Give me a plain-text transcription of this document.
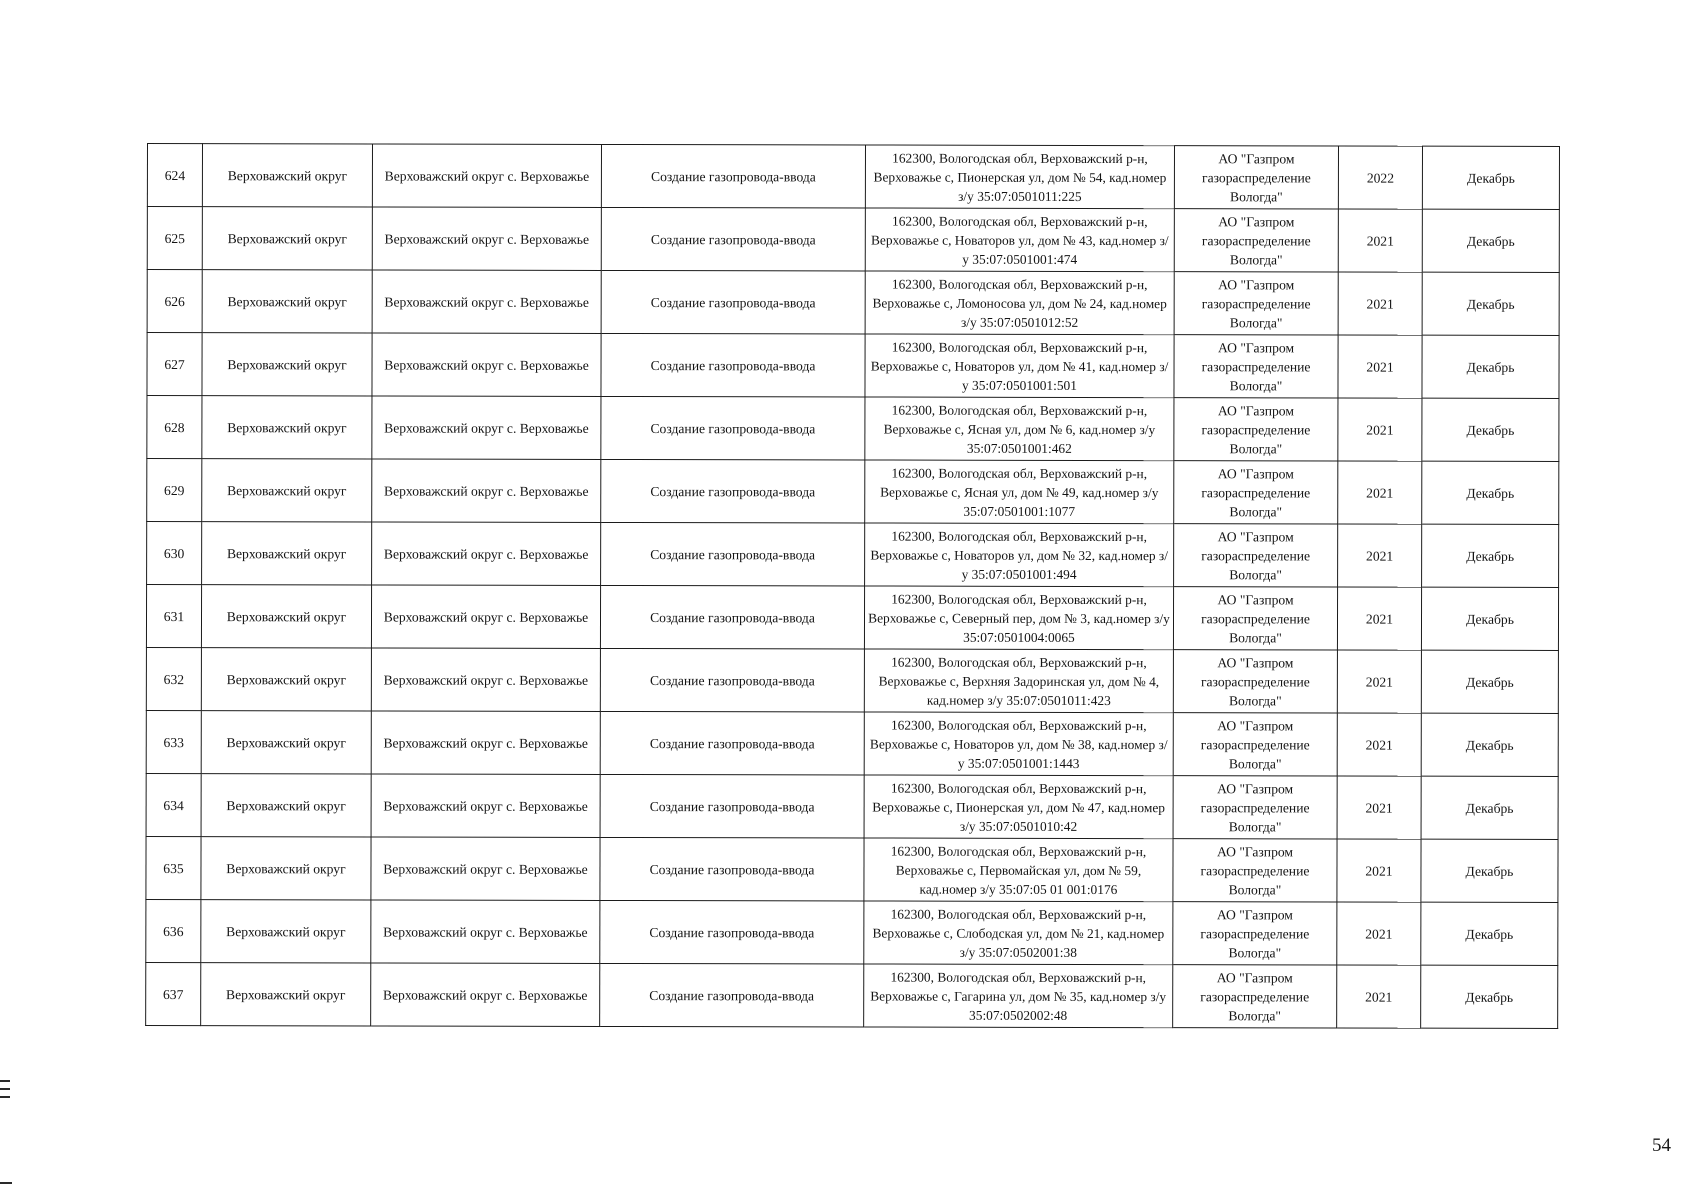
624	Верховажский округ	Верховажский округ с. Верховажье	Создание газопровода-ввода	162300, Вологодская обл, Верховажский р-н, Верховажье с, Пионерская ул, дом № 54, кад.номер з/у 35:07:0501011:225	АО "Газпром газораспределение Вологда"	2022	Декабрь
625	Верховажский округ	Верховажский округ с. Верховажье	Создание газопровода-ввода	162300, Вологодская обл, Верховажский р-н, Верховажье с, Новаторов ул, дом № 43, кад.номер з/у 35:07:0501001:474	АО "Газпром газораспределение Вологда"	2021	Декабрь
626	Верховажский округ	Верховажский округ с. Верховажье	Создание газопровода-ввода	162300, Вологодская обл, Верховажский р-н, Верховажье с, Ломоносова ул, дом № 24, кад.номер з/у 35:07:0501012:52	АО "Газпром газораспределение Вологда"	2021	Декабрь
627	Верховажский округ	Верховажский округ с. Верховажье	Создание газопровода-ввода	162300, Вологодская обл, Верховажский р-н, Верховажье с, Новаторов ул, дом № 41, кад.номер з/у 35:07:0501001:501	АО "Газпром газораспределение Вологда"	2021	Декабрь
628	Верховажский округ	Верховажский округ с. Верховажье	Создание газопровода-ввода	162300, Вологодская обл, Верховажский р-н, Верховажье с, Ясная ул, дом № 6, кад.номер з/у 35:07:0501001:462	АО "Газпром газораспределение Вологда"	2021	Декабрь
629	Верховажский округ	Верховажский округ с. Верховажье	Создание газопровода-ввода	162300, Вологодская обл, Верховажский р-н, Верховажье с, Ясная ул, дом № 49, кад.номер з/у 35:07:0501001:1077	АО "Газпром газораспределение Вологда"	2021	Декабрь
630	Верховажский округ	Верховажский округ с. Верховажье	Создание газопровода-ввода	162300, Вологодская обл, Верховажский р-н, Верховажье с, Новаторов ул, дом № 32, кад.номер з/у 35:07:0501001:494	АО "Газпром газораспределение Вологда"	2021	Декабрь
631	Верховажский округ	Верховажский округ с. Верховажье	Создание газопровода-ввода	162300, Вологодская обл, Верховажский р-н, Верховажье с, Северный пер, дом № 3, кад.номер з/у 35:07:0501004:0065	АО "Газпром газораспределение Вологда"	2021	Декабрь
632	Верховажский округ	Верховажский округ с. Верховажье	Создание газопровода-ввода	162300, Вологодская обл, Верховажский р-н, Верховажье с, Верхняя Задоринская ул, дом № 4, кад.номер з/у 35:07:0501011:423	АО "Газпром газораспределение Вологда"	2021	Декабрь
633	Верховажский округ	Верховажский округ с. Верховажье	Создание газопровода-ввода	162300, Вологодская обл, Верховажский р-н, Верховажье с, Новаторов ул, дом № 38, кад.номер з/у 35:07:0501001:1443	АО "Газпром газораспределение Вологда"	2021	Декабрь
634	Верховажский округ	Верховажский округ с. Верховажье	Создание газопровода-ввода	162300, Вологодская обл, Верховажский р-н, Верховажье с, Пионерская ул, дом № 47, кад.номер з/у 35:07:0501010:42	АО "Газпром газораспределение Вологда"	2021	Декабрь
635	Верховажский округ	Верховажский округ с. Верховажье	Создание газопровода-ввода	162300, Вологодская обл, Верховажский р-н, Верховажье с, Первомайская ул, дом № 59, кад.номер з/у 35:07:05 01 001:0176	АО "Газпром газораспределение Вологда"	2021	Декабрь
636	Верховажский округ	Верховажский округ с. Верховажье	Создание газопровода-ввода	162300, Вологодская обл, Верховажский р-н, Верховажье с, Слободская ул, дом № 21, кад.номер з/у 35:07:0502001:38	АО "Газпром газораспределение Вологда"	2021	Декабрь
637	Верховажский округ	Верховажский округ с. Верховажье	Создание газопровода-ввода	162300, Вологодская обл, Верховажский р-н, Верховажье с, Гагарина ул, дом № 35, кад.номер з/у 35:07:0502002:48	АО "Газпром газораспределение Вологда"	2021	Декабрь
54
